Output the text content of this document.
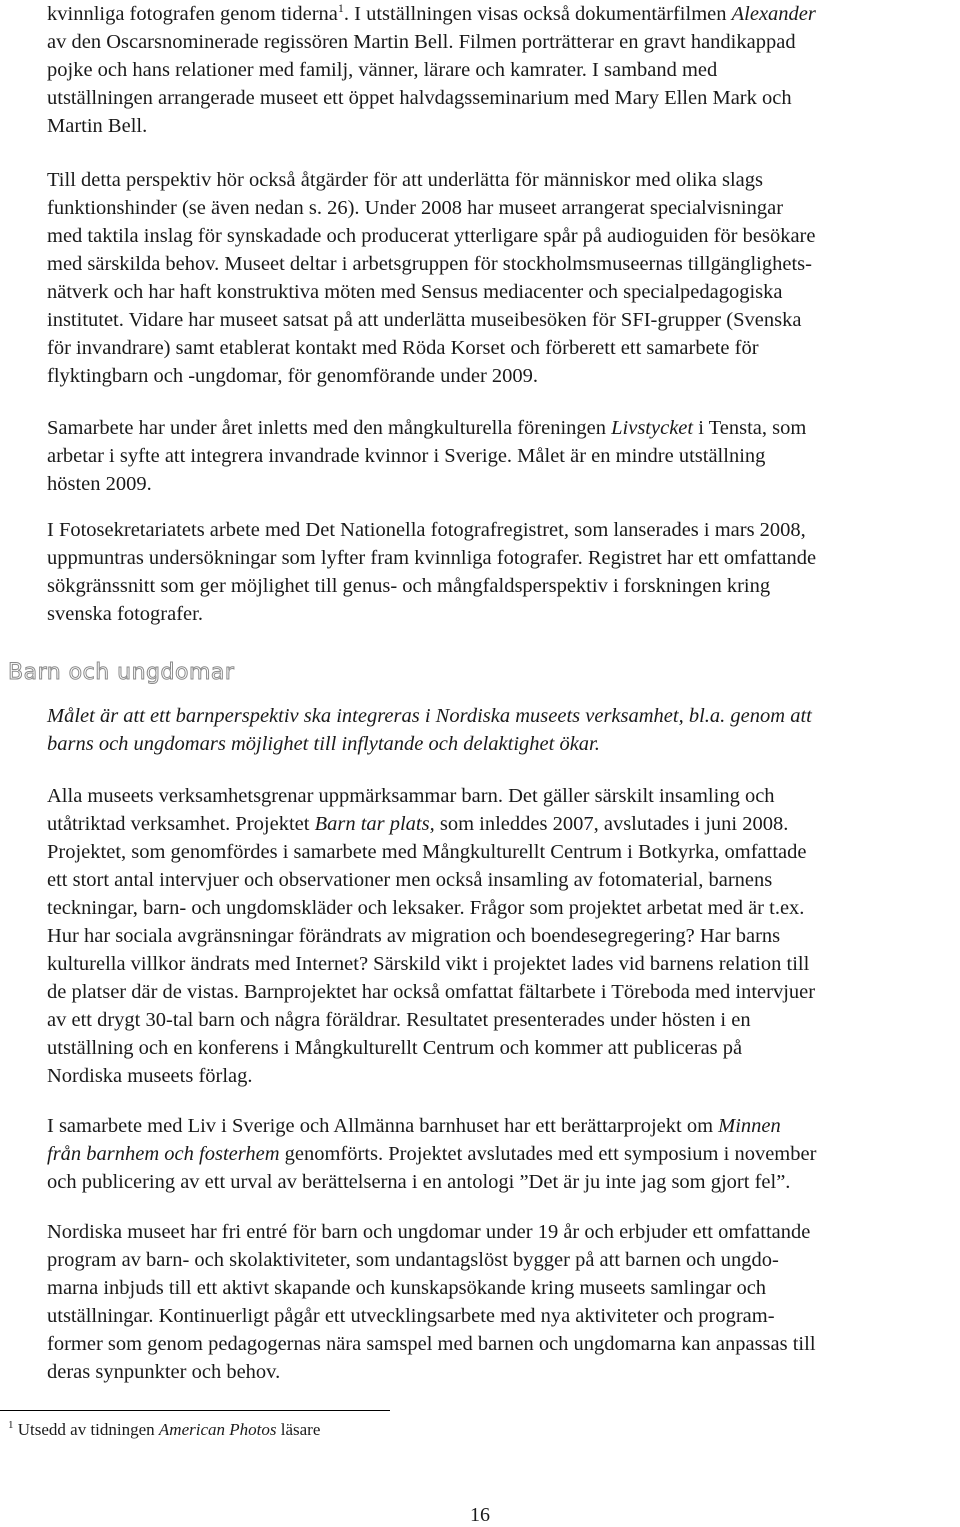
kvinnliga fotografen genom tiderna$^1$. I utställningen visas också dokumentärfilmen Alexander
av den Oscarsnominerade regissören Martin Bell. Filmen porträtterar en gravt handikappad
pojke och hans relationer med familj, vänner, lärare och kamrater. I samband med
utställningen arrangerade museet ett öppet halvdagsseminarium med Mary Ellen Mark och
Martin Bell.

Till detta perspektiv hör också åtgärder för att underlätta för människor med olika slags
funktionshinder (se även nedan s. 26). Under 2008 har museet arrangerat specialvisningar
med taktila inslag för synskadade och producerat ytterligare spår på audioguiden för besökare
med särskilda behov. Museet deltar i arbetsgruppen för stockholmsmuseernas tillgänglighets-
nätverk och har haft konstruktiva möten med Sensus mediacenter och specialpedagogiska
institutet. Vidare har museet satsat på att underlätta museibesöken för SFI-grupper (Svenska
för invandrare) samt etablerat kontakt med Röda Korset och förberett ett samarbete för
flyktingbarn och -ungdomar, för genomförande under 2009.

Samarbete har under året inletts med den mångkulturella föreningen Livstycket i Tensta, som
arbetar i syfte att integrera invandrade kvinnor i Sverige. Målet är en mindre utställning
hösten 2009.

I Fotosekretariatets arbete med Det Nationella fotografregistret, som lanserades i mars 2008,
uppmuntras undersökningar som lyfter fram kvinnliga fotografer. Registret har ett omfattande
sökgränssnitt som ger möjlighet till genus- och mångfaldsperspektiv i forskningen kring
svenska fotografer.

Barn och ungdomar

Målet är att ett barnperspektiv ska integreras i Nordiska museets verksamhet, bl.a. genom att
barns och ungdomars möjlighet till inflytande och delaktighet ökar.

Alla museets verksamhetsgrenar uppmärksammar barn. Det gäller särskilt insamling och
utåtriktad verksamhet. Projektet Barn tar plats, som inleddes 2007, avslutades i juni 2008.
Projektet, som genomfördes i samarbete med Mångkulturellt Centrum i Botkyrka, omfattade
ett stort antal intervjuer och observationer men också insamling av fotomaterial, barnens
teckningar, barn- och ungdomskläder och leksaker. Frågor som projektet arbetat med är t.ex.
Hur har sociala avgränsningar förändrats av migration och boendesegregering? Har barns
kulturella villkor ändrats med Internet? Särskild vikt i projektet lades vid barnens relation till
de platser där de vistas. Barnprojektet har också omfattat fältarbete i Töreboda med intervjuer
av ett drygt 30-tal barn och några föräldrar. Resultatet presenterades under hösten i en
utställning och en konferens i Mångkulturellt Centrum och kommer att publiceras på
Nordiska museets förlag.

I samarbete med Liv i Sverige och Allmänna barnhuset har ett berättarprojekt om Minnen
från barnhem och fosterhem genomförts. Projektet avslutades med ett symposium i november
och publicering av ett urval av berättelserna i en antologi ”Det är ju inte jag som gjort fel”.

Nordiska museet har fri entré för barn och ungdomar under 19 år och erbjuder ett omfattande
program av barn- och skolaktiviteter, som undantagslöst bygger på att barnen och ungdo-
marna inbjuds till ett aktivt skapande och kunskapsökande kring museets samlingar och
utställningar. Kontinuerligt pågår ett utvecklingsarbete med nya aktiviteter och program-
former som genom pedagogernas nära samspel med barnen och ungdomarna kan anpassas till
deras synpunkter och behov.

$^1$ Utsedd av tidningen American Photos läsare
16
